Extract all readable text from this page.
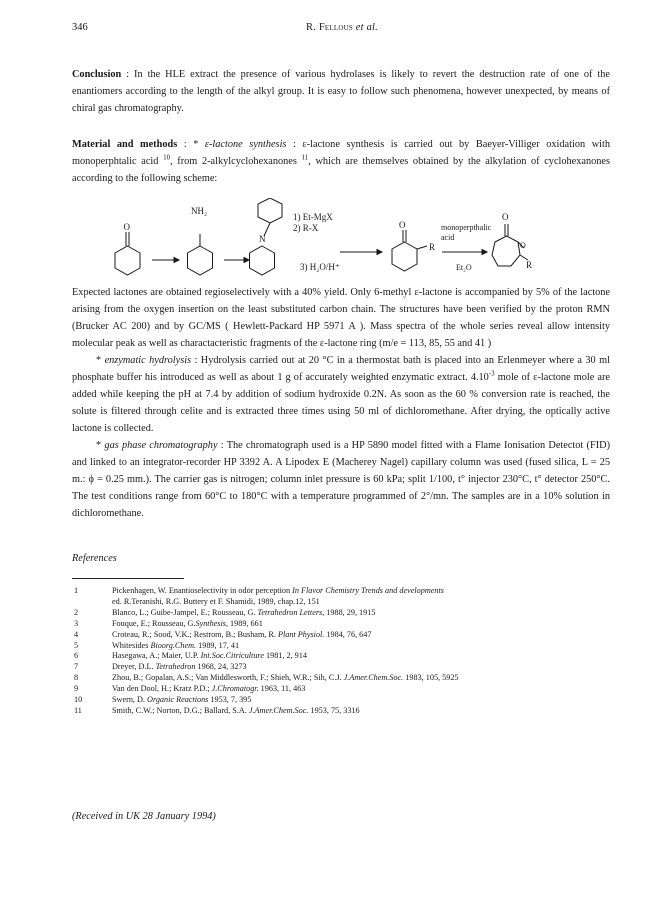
346	R. Fellous et al.

Conclusion : In the HLE extract the presence of various hydrolases is likely to revert the destruction rate of one of the enantiomers according to the length of the alkyl group. It is easy to follow such phenomena, however unexpected, by means of chiral gas chromatography.

Material and methods : * ε-lactone synthesis : ε-lactone synthesis is carried out by Baeyer-Villiger oxidation with monoperphtalic acid $^{10}$, from 2-alkylcyclohexanones $^{11}$, which are themselves obtained by the alkylation of cyclohexanones according to the following scheme:

O
NH₂
N
1) Et-MgX
2) R-X
3) H₂O/H⁺
O
R
monoperpthalic
acid
Et₂O
O
O
R

Expected lactones are obtained regioselectively with a 40% yield. Only 6-methyl ε-lactone is accompanied by 5% of the lactone arising from the oxygen insertion on the least substituted carbon chain. The structures have been verified by the proton RMN (Brucker AC 200) and by GC/MS ( Hewlett-Packard HP 5971 A ). Mass spectra of the whole series reveal allow intensity molecular peak as well as charactacteristic fragments of the ε-lactone ring (m/e = 113, 85, 55 and 41 )

* enzymatic hydrolysis : Hydrolysis carried out at 20 °C in a thermostat bath is placed into an Erlenmeyer where a 30 ml phosphate buffer his introduced as well as about 1 g of accurately weighted enzymatic extract. $4.10^{-3}$ mole of ε-lactone mole are added while keeping the pH at 7.4 by addition of sodium hydroxide 0.2N. As soon as the 60 % conversion rate is reached, the solute is filtered through celite and is extracted three times using 50 ml of dichloromethane. After drying, the optically active lactone is collected.

* gas phase chromatography : The chromatograph used is a HP 5890 model fitted with a Flame Ionisation Detectot (FID) and linked to an integrator-recorder HP 3392 A. A Lipodex E (Macherey Nagel) capillary column was used (fused silica, L = 25 m.: ϕ = 0.25 mm.). The carrier gas is nitrogen; column inlet pressure is 60 kPa; split 1/100, t° injector 230°C, t° detector 250°C. The test conditions range from 60°C to 180°C with a temperature programmed of 2°/mn. The samples are in a 10% solution in dichloromethane.

References
1	Pickenhagen, W. Enantioselectivity in odor perception In Flavor Chemistry Trends and developments
ed. R.Teranishi, R.G. Buttery et F. Shamidi, 1989, chap.12, 151
2	Blanco, L.; Guibe-Jampel, E.; Rousseau, G. Tetrahedron Letters, 1988, 29, 1915
3	Fouque, E.; Rousseau, G.Synthesis, 1989, 661
4	Croteau, R.; Sood, V.K.; Restrom, B.; Busham, R. Plant Physiol. 1984, 76, 647
5	Whitesides Bioorg.Chem. 1989, 17, 41
6	Hasegawa, A.; Maier, U.P. Int.Soc.Citriculture 1981, 2, 914
7	Dreyer, D.L. Tetrahedron 1968, 24, 3273
8	Zhou, B.; Gopalan, A.S.; Van Middlesworth, F.; Shieh, W.R.; Sih, C.J. J.Amer.Chem.Soc. 1983, 105, 5925
9	Van den Dool, H.; Kratz P.D.; J.Chromatogr. 1963, 11, 463
10	Swern, D. Organic Reactions 1953, 7, 395
11	Smith, C.W.; Norton, D.G.; Ballard, S.A. J.Amer.Chem.Soc. 1953, 75, 3316
(Received in UK 28 January 1994)
